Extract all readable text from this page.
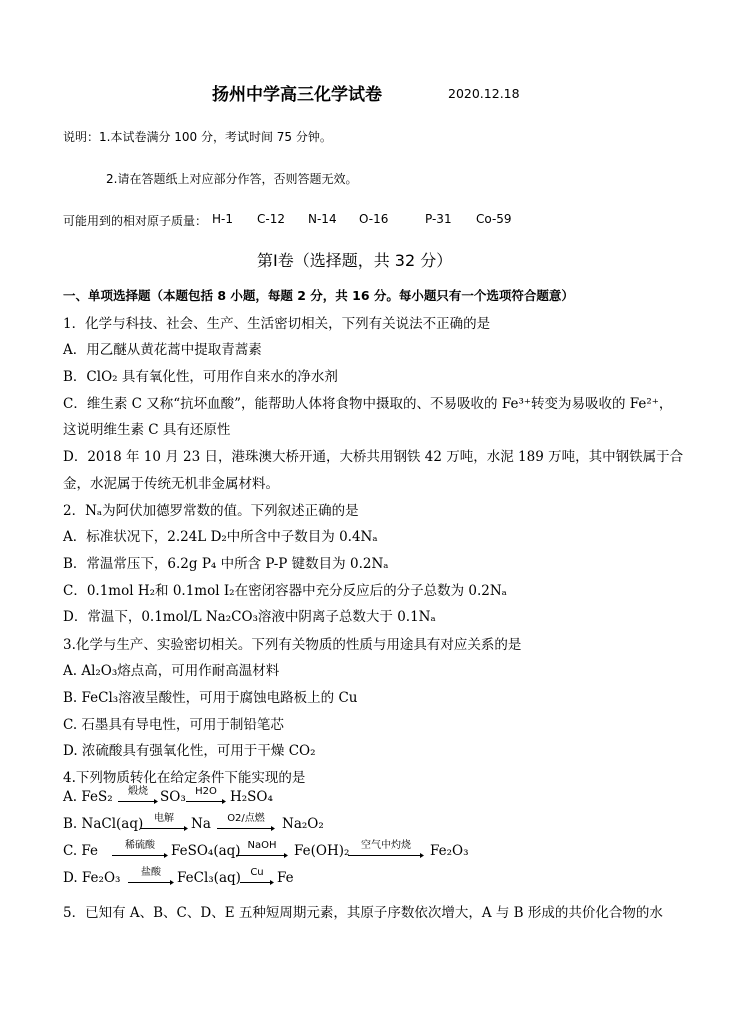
扬州中学高三化学试卷	2020.12.18
说明：1.本试卷满分 100 分，考试时间 75 分钟。
2.请在答题纸上对应部分作答，否则答题无效。
可能用到的相对原子质量： H-1 C-12 N-14 O-16	P-31 Co-59
第Ⅰ卷（选择题，共 32 分）
一、单项选择题（本题包括 8 小题，每题 2 分，共 16 分。每小题只有一个选项符合题意）
1．化学与科技、社会、生产、生活密切相关，下列有关说法不正确的是
A．用乙醚从黄花蒿中提取青蒿素
B．ClO₂ 具有氧化性，可用作自来水的净水剂
C．维生素 C 又称“抗坏血酸”，能帮助人体将食物中摄取的、不易吸收的 Fe³⁺转变为易吸收的 Fe²⁺，
这说明维生素 C 具有还原性
D．2018 年 10 月 23 日，港珠澳大桥开通，大桥共用钢铁 42 万吨，水泥 189 万吨，其中钢铁属于合
金，水泥属于传统无机非金属材料。
2．Nₐ为阿伏加德罗常数的值。下列叙述正确的是
A．标准状况下，2.24L D₂中所含中子数目为 0.4Nₐ
B．常温常压下，6.2g P₄ 中所含 P-P 键数目为 0.2Nₐ
C．0.1mol H₂和 0.1mol I₂在密闭容器中充分反应后的分子总数为 0.2Nₐ
D．常温下，0.1mol/L Na₂CO₃溶液中阴离子总数大于 0.1Nₐ
3.化学与生产、实验密切相关。下列有关物质的性质与用途具有对应关系的是
A. Al₂O₃熔点高，可用作耐高温材料
B. FeCl₃溶液呈酸性，可用于腐蚀电路板上的 Cu
C. 石墨具有导电性，可用于制铅笔芯
D. 浓硫酸具有强氧化性，可用于干燥 CO₂
4.下列物质转化在给定条件下能实现的是
A. FeS₂	煅烧 SO₃ H2O H₂SO₄
B. NaCl(aq)	电解	Na	O2/点燃	Na₂O₂
C. Fe	稀硫酸	FeSO₄(aq) NaOH	Fe(OH)₂	空气中灼烧	Fe₂O₃
D. Fe₂O₃	盐酸	FeCl₃(aq) Cu Fe
5．已知有 A、B、C、D、E 五种短周期元素，其原子序数依次增大，A 与 B 形成的共价化合物的水
